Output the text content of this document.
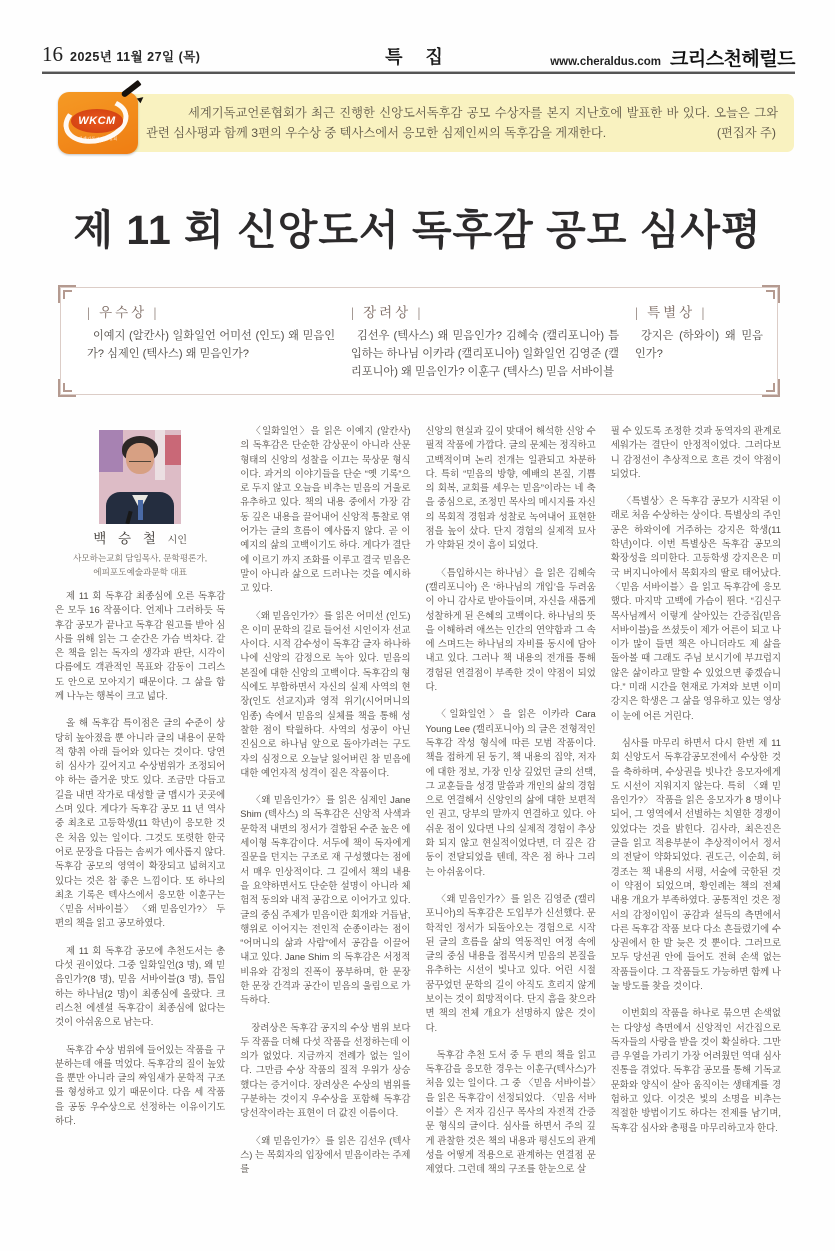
16 2025년 11월 27일 (목)	특 집	www.cheraldus.com 크리스천헤럴드

세계기독교언론협회가 최근 진행한 신앙도서독후감 공모 수상자를 본지 지난호에 발표한 바 있다. 오늘은 그와 관련 심사평과 함께 3편의 우수상 중 텍사스에서 응모한 심제인씨의 독후감을 게재한다.	(편집자 주)
WKCM
세계기독교언론협회
제 11 회 신앙도서 독후감 공모 심사평
| 우수상 |
이예지 (알칸사) 일화일언 어미선 (인도) 왜 믿음인가? 심제인 (텍사스) 왜 믿음인가?
| 장려상 |
김선우 (텍사스) 왜 믿음인가? 김혜숙 (캘리포니아) 틈입하는 하나님 이카라 (캘리포니아) 일화일언 김영준 (캘리포니아) 왜 믿음인가? 이훈구 (텍사스) 믿음 서바이블
| 특별상 |
강지은 (하와이) 왜 믿음인가?
백 승 철 시인
사모하는교회 담임목사, 문학평론가,
에피포도예술과문학 대표

제 11 회 독후감 최종심에 오른 독후감은 모두 16 작품이다. 언제나 그러하듯 독후감 공모가 끝나고 독후감 원고를 받아 심사를 위해 읽는 그 순간은 가슴 벅차다. 같은 책을 읽는 독자의 생각과 판단, 시각이 다름에도 객관적인 목표와 감동이 그리스도 안으로 모아지기 때문이다. 그 삶을 함께 나누는 행복이 크고 넓다.

올 해 독후감 특이점은 글의 수준이 상당히 높아졌을 뿐 아니라 글의 내용이 문학적 향취 아래 들어와 있다는 것이다. 당연히 심사가 깊어지고 수상범위가 조정되어야 하는 즐거운 맛도 있다. 조금만 다듬고 길을 내면 작가로 대성할 글 맵시가 곳곳에 스며 있다. 게다가 독후감 공모 11 년 역사 중 최초로 고등학생(11 학년)이 응모한 것은 처음 있는 일이다. 그것도 또렷한 한국어로 문장을 다듬는 솜씨가 예사롭지 않다. 독후감 공모의 영역이 확장되고 넓혀지고 있다는 것은 참 좋은 느낌이다. 또 하나의 최초 기록은 텍사스에서 응모한 이훈구는 〈믿음 서바이블〉 〈왜 믿음인가?〉 두 편의 책을 읽고 공모하였다.

제 11 회 독후감 공모에 추천도서는 총 다섯 권이었다. 그중 일화일언(3 명), 왜 믿음인가?(8 명), 믿음 서바이블(3 명), 틈입하는 하나님(2 명)이 최종심에 올랐다. 크리스천 에센셜 독후감이 최종심에 없다는 것이 아쉬움으로 남는다.

독후감 수상 범위에 들어있는 작품을 구분하는데 애를 먹었다. 독후감의 질이 높았을 뿐만 아니라 글의 짜임새가 문학적 구조를 형성하고 있기 때문이다. 다음 세 작품을 공동 우수상으로 선정하는 이유이기도 하다.

〈일화일언〉을 읽은 이예지 (알칸사) 의 독후감은 단순한 감상문이 아니라 산문형태의 신앙의 성찰을 이끄는 묵상문 형식이다. 과거의 이야기들을 단순 “옛 기록”으로 두지 않고 오늘을 비추는 믿음의 거울로 유추하고 있다. 책의 내용 중에서 가장 감동 깊은 내용을 끌어내어 신앙적 통찰로 엮어가는 글의 흐름이 예사롭지 않다. 곧 이예지의 삶의 고백이기도 하다. 게다가 결단에 이르기 까지 조화를 이루고 결국 믿음은 말이 아니라 삶으로 드러나는 것을 예시하고 있다.

〈왜 믿음인가?〉를 읽은 어미선 (인도) 은 이미 문학의 길로 들어선 시인이자 선교사이다. 시적 감수성이 독후감 글자 하나하나에 신앙의 감정으로 녹아 있다. 믿음의 본질에 대한 신앙의 고백이다. 독후감의 형식에도 부합하면서 자신의 실제 사역의 현장(인도 선교지)과 영적 위기(시어머니의 임종) 속에서 믿음의 실체를 책을 통해 성찰한 점이 탁월하다. 사역의 성공이 아닌 진심으로 하나님 앞으로 돌아가려는 구도자의 심정으로 오늘날 잃어버린 참 믿음에 대한 예언자적 성격이 짙은 작품이다.

〈왜 믿음인가?〉를 읽은 심제인 Jane Shim (텍사스) 의 독후감은 신앙적 사색과 문학적 내면의 정서가 결합된 수준 높은 에세이형 독후감이다. 서두에 책이 독자에게 질문을 던지는 구조로 재 구성했다는 점에서 매우 인상적이다. 그 길에서 책의 내용을 요약하면서도 단순한 설명이 아니라 체험적 동의와 내적 공감으로 이어가고 있다. 글의 중심 주제가 믿음이란 회개와 거듭남, 행위로 이어지는 전인적 순종이라는 점이 “어머니의 삶과 사람”에서 공감을 이끌어내고 있다. Jane Shim 의 독후감은 서정적 비유와 감정의 진폭이 풍부하며, 한 문장 한 문장 간격과 공간이 믿음의 울림으로 가득하다.

장려상은 독후감 공지의 수상 범위 보다 두 작품을 더해 다섯 작품을 선정하는데 이의가 없었다. 지금까지 전례가 없는 일이다. 그만큼 수상 작품의 질적 우위가 상승했다는 증거이다. 장려상은 수상의 범위를 구분하는 것이지 우수상을 포함해 독후감 당선작이라는 표현이 더 값진 이름이다.

〈왜 믿음인가?〉를 읽은 김선우 (텍사스) 는 목회자의 입장에서 믿음이라는 주제를

신앙의 현실과 깊이 맞대어 해석한 신앙 수필적 작품에 가깝다. 글의 문체는 정직하고 고백적이며 논리 전개는 일관되고 차분하다. 특히 “믿음의 방향, 예배의 본질, 기쁨의 회복, 교회를 세우는 믿음”이라는 네 축을 중심으로, 조정민 목사의 메시지를 자신의 목회적 경험과 성찰로 녹여내어 표현한 점을 높이 샀다. 단지 경험의 실제적 묘사가 약화된 것이 흠이 되었다.

〈틈입하시는 하나님〉을 읽은 김혜숙 (캘리포니아) 은 ‘하나님의 개입’을 두려움이 아니 감사로 받아들이며, 자신을 새롭게 성찰하게 된 은혜의 고백이다. 하나님의 뜻을 이해하려 애쓰는 인간의 연약함과 그 속에 스며드는 하나님의 자비를 동시에 담아내고 있다. 그러나 책 내용의 전개를 통해 경험된 연결점이 부족한 것이 약점이 되었다.

〈일화일언〉을 읽은 이카라 Cara Young Lee (캘리포니아) 의 글은 전형적인 독후감 작성 형식에 따른 모범 작품이다. 책을 접하게 된 동기, 책 내용의 집약, 저자에 대한 정보, 가장 인상 깊었던 글의 선택, 그 교훈들을 성경 말씀과 개인의 삶의 경험으로 연결해서 신앙인의 삶에 대한 보편적인 권고, 당부의 말까지 연결하고 있다. 아쉬운 점이 있다면 나의 실제적 경험이 추상화 되지 않고 현실적이었다면, 더 깊은 감동이 전달되었을 텐데, 작은 점 하나 그리는 아쉬움이다.

〈왜 믿음인가?〉를 읽은 김영준 (캘리포니아)의 독후감은 도입부가 신선했다. 문학적인 정서가 되돌아오는 경험으로 시작된 글의 흐름을 삶의 역동적인 여정 속에 글의 중심 내용을 접목시켜 믿음의 본질을 유추하는 시선이 빛나고 있다. 어린 시절 꿈꾸었던 문학의 길이 아직도 흐리지 않게 보이는 것이 희망적이다. 단지 흠을 찾으라면 책의 전체 개요가 선명하지 않은 것이다.

독후감 추천 도서 중 두 편의 책을 읽고 독후감을 응모한 경우는 이훈구(텍사스)가 처음 있는 일이다. 그 중 〈믿음 서바이블〉을 읽은 독후감이 선정되었다. 〈믿음 서바이블〉은 저자 김신구 목사의 자전적 간증문 형식의 글이다. 심사를 하면서 주의 깊게 관찰한 것은 책의 내용과 평신도의 관계성을 어떻게 적용으로 관계하는 연결점 문제였다. 그런데 책의 구조를 한눈으로 살

필 수 있도록 조정한 것과 동역자의 관계로 세워가는 결단이 안정적이었다. 그러다보니 감정선이 추상적으로 흐른 것이 약점이 되었다.

〈특별상〉은 독후감 공모가 시작된 이래로 처음 수상하는 상이다. 특별상의 주인공은 하와이에 거주하는 강지은 학생(11 학년)이다. 이번 특별상은 독후감 공모의 확장성을 의미한다. 고등학생 강지은은 미국 버지니아에서 목회자의 딸로 태어났다. 〈믿음 서바이블〉을 읽고 독후감에 응모했다. 마지막 고백에 가슴이 뛴다. “김신구 목사님께서 이렇게 살아있는 간증집(믿음 서바이블)을 쓰셨듯이 제가 어른이 되고 나이가 많이 들면 책은 아니더라도 제 삶을 돌아볼 때 그래도 주님 보시기에 부끄럽지 않은 삶이라고 말할 수 있었으면 좋겠습니다.” 미래 시간을 현재로 가져와 보면 이미 강지은 학생은 그 삶을 영유하고 있는 영상이 눈에 어른 거린다.

심사를 마무리 하면서 다시 한번 제 11 회 신앙도서 독후감공모전에서 수상한 것을 축하하며, 수상권을 빗나간 응모자에게도 시선이 지워지지 않는다. 특히 〈왜 믿음인가?〉 작품을 읽은 응모자가 8 명이나 되어, 그 영역에서 선별하는 치열한 경쟁이 있었다는 것을 밝힌다. 김사라, 최은진은 글을 읽고 적용부분이 추상적이어서 정서의 전달이 약화되었다. 권도근, 이순희, 허경조는 책 내용의 서평, 서술에 국한된 것이 약점이 되었으며, 황인례는 책의 전체 내용 개요가 부족하였다. 공통적인 것은 정서의 감정이입이 공감과 설득의 측면에서 다른 독후감 작품 보다 다소 흔들렸기에 수상권에서 한 발 늦은 것 뿐이다. 그러므로 모두 당선권 안에 들어도 전혀 손색 없는 작품들이다. 그 작품들도 가능하면 함께 나눌 방도를 찾을 것이다.

이번회의 작품을 하나로 묶으면 손색없는 다양성 측면에서 신앙적인 서간집으로 독자들의 사랑을 받을 것이 확실하다. 그만큼 우열을 가리기 가장 어려웠던 역대 심사 진통을 겪었다. 독후감 공모를 통해 기독교 문화와 양식이 살아 움직이는 생태계를 경험하고 있다. 이것은 빛의 소명을 비추는 적절한 방법이기도 하다는 전제를 남기며, 독후감 심사와 총평을 마무리하고자 한다.
